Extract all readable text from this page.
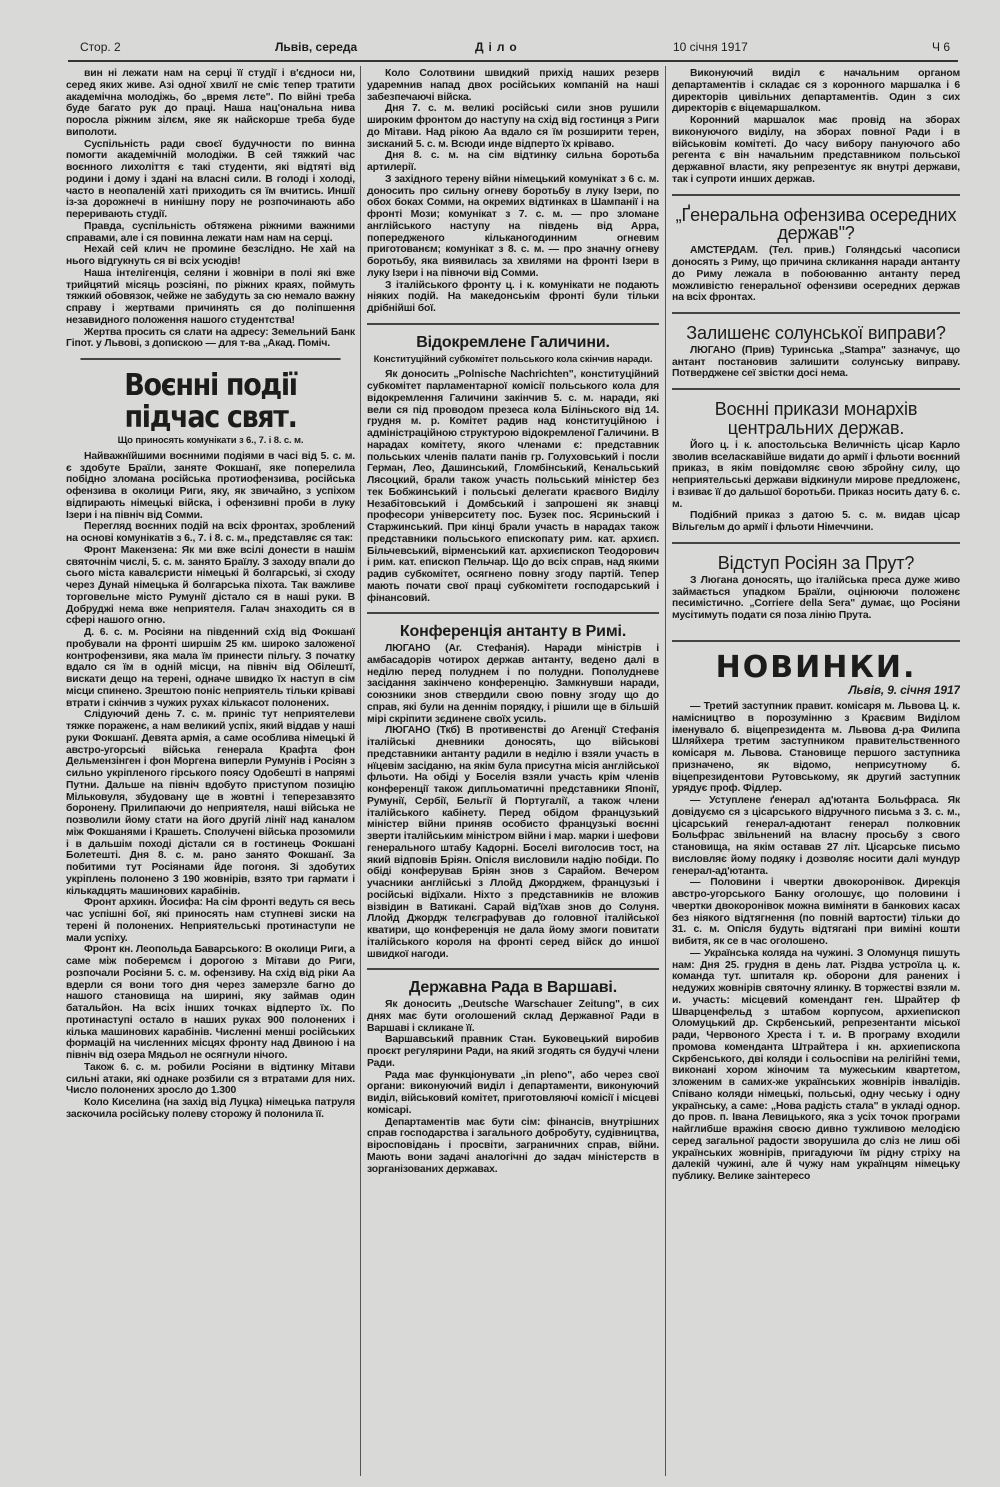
Стор. 2	Львів, середа	Діло	10 січня 1917	Ч 6

вин ні лежати нам на серці її студії і в'єдноси ни, серед яких живе. Азі одної хвилї не сміє тепер тратити академічна молодіжь, бо „время лєте". По війні треба буде багато рук до праці. Наша нац'ональна нива поросла ріжним зілєм, яке як найскорше треба буде виполоти.

Суспільність ради своєї будучности по винна помогти академічній молодіжи. В сей тяжкий час воєнного лихоліття є такі студенти, які відтяті від родини і дому і здані на власні сили. В голоді і холоді, часто в неопаленій хаті приходить ся їм вчитись. Иншії із-за дорожнечі в нинішну пору не розпочинають або переривають студії.

Правда, суспільність обтяжена ріжними важними справами, але і ся повинна лежати нам нам на серці.

Нехай сей клич не промине безслідно. Не хай на нього відгукнуть ся ві всіх усюдів!

Наша інтелігенція, селяни і жовніри в полі які вже трийцятий місяць розсіяні, по ріжних краях, поймуть тяжкий обовязок, чейже не забудуть за сю немало важну справу і жертвами причинять ся до поліпшення незавидного положення нашого студентства!

Жертва просить ся слати на адресу: Земельний Банк Гіпот. у Львові, з допискою — для т-ва „Акад. Поміч.

Воєнні події підчас свят.
Що приносять комунікати з 6., 7. і 8. с. м.

Найважнїйшими воєнними подіями в часі від 5. с. м. є здобуте Браїли, заняте Фокшанї, яке поперелила побідно зломана російська протиофензива, російська офензива в околици Риги, яку, як звичайно, з успіхом відпирають німецькі війска, і офензивні проби в луку Ізери і на північ від Сомми.

Перегляд воєнних подій на всіх фронтах, зроблений на основі комунікатів з 6., 7. і 8. с. м., представляє ся так:

Фронт Макензена: Як ми вже всілі донести в нашім святочнім числі, 5. с. м. занято Браїлу. З заходу впали до сього міста кавалєристи німецькі й болгарські, зі сходу через Дунай німецька й болгарська піхота. Так важливе торговельне місто Румунії дістало ся в наші руки. В Добруджі нема вже неприятеля. Галач знаходить ся в сфері нашого огню.

Д. 6. с. м. Росіяни на південний схід від Фокшанї пробували на фронті ширшім 25 км. широко заложеної контрофензиви, яка мала їм принести пільгу. З початку вдало ся їм в одній місци, на північ від Обілештї, вискати дещо на терені, одначе швидко їх наступ в сім місци спинено. Зрештою поніс неприятель тільки кріваві втрати і скінчив з чужих рухах кількасот полонених.

Слідуючий день 7. с. м. приніс тут неприятелеви тяжке пораженє, а нам великий успіх, який віддав у наші руки Фокшанї. Девята армія, а саме особлива німецькі й австро-угорські війська генерала Крафта фон Дельмензінген і фон Моргена виперли Румунів і Росіян з сильно укріпленого гірського поясу Одобешті в напрямі Путни. Дальше на північ вдобуто приступом позицію Мільковуля, збудовану ще в жовтні і теперезавзято боронену. Прилипаючи до неприятеля, наші війська не позволили йому стати на його другій лінії над каналом між Фокшанями і Крашеть. Сполучені війська прозомили і в дальшім поході дістали ся в гостинець Фокшані Болетешті. Дня 8. с. м. рано занято Фокшанї. За побитими тут Росіянами йде погоня. Зі здобутих укріплень полонено 3 190 жовнірів, взято три гармати і кількадцять машинових карабінів.

Фронт архикн. Йосифа: На сім фронті ведуть ся весь час успішні бої, які приносять нам ступневі зиски на терені й полонених. Неприятельські протинаступи не мали успіху.

Фронт кн. Леопольда Баварського: В околици Риги, а саме між поберемєм і дорогою з Мітави до Риги, розпочали Росіяни 5. с. м. офензиву. На схід від ріки Аа вдерли ся вони того дня через замерзле багно до нашого становища на ширині, яку займав один батальйон. На всіх інших точках відперто їх. По протинаступі остало в наших руках 900 полонених і кілька машинових карабінів. Численні менші російських формацій на численних місцях фронту над Двиною і на північ від озера Мядьол не осягнули нічого.

Також 6. с. м. робили Росіяни в відтинку Мітави сильні атаки, які однаке розбили ся з втратами для них. Число полонених зросло до 1.300

Коло Киселина (на захід від Луцка) німецька патруля заскочила російську полеву сторожу й полонила її.

Коло Солотвини швидкий прихід наших резерв ударемнив напад двох російських компаній на наші забезпечаючі війска.

Дня 7. с. м. великі російські сили знов рушили широким фронтом до наступу на схід від гостинця з Риги до Мітави. Над рікою Аа вдало ся їм розширити терен, зисканий 5. с. м. Всюди инде відперто їх кріваво.

Дня 8. с. м. на сім відтинку сильна боротьба артилерії.

З західного терену війни німецький комунікат з 6 с. м. доносить про сильну огневу боротьбу в луку Ізери, по обох боках Сомми, на окремих відтинках в Шампанії і на фронті Мози; комунікат з 7. с. м. — про зломане англійського наступу на південь від Арра, попередженого кільканогодинним огневим приготованєм; комунікат з 8. с. м. — про значну огневу боротьбу, яка виявилась за хвилями на фронті Ізери в луку Ізери і на півночи від Сомми.

З італійського фронту ц. і к. комунікати не подають ніяких подій. На македонськім фронті були тільки дрібнійші бої.

Відокремлене Галичини.
Конституційний субкомітет польського кола скінчив наради.

Як доносить „Polnische Nachrichten", конституційний субкомітет парламентарної комісії польського кола для відокремлення Галичини закінчив 5. с. м. наради, які вели ся під проводом презеса кола Біліньского від 14. грудня м. р. Комітет радив над конституційною і адміністраційною структурою відокремленої Галичини. В нарадах комітету, якого членами є: представник польських членів палати панів гр. Голуховський і посли Герман, Лео, Дашинський, Гломбінський, Кенальський Лясоцкий, брали також участь польський міністер без тек Бобжинський і польські делегати краєвого Виділу Незабітовський і Домбський і запрошені як знавці професори університету пос. Бузек пос. Ясриньский і Старжинський. При кінці брали участь в нарадах також представники польського епископату рим. кат. архиєп. Більчевський, вірменський кат. архиєпископ Теодорович і рим. кат. епископ Пельчар. Що до всіх справ, над якими радив субкомітет, осягнено повну згоду партій. Тепер мають почати свої праці субкомітети господарський і фінансовий.

Конференція антанту в Римі.

ЛЮГАНО (Аг. Стефанія). Наради міністрів і амбасадорів чотирох держав антанту, ведено далі в неділю перед полуднем і по полудни. Пополудневе засідання закінчено конференцію. Замкнувши наради, союзники знов ствердили свою повну згоду що до справ, які були на деннім порядку, і рішили ще в більшій мірі скріпити зєдинене своїх усиль.

ЛЮГАНО (Ткб) В противенстві до Агенції Стефанія італійські дневники доносять, що військові представники антанту радили в неділю і взяли участь в нїцевім засіданю, на якім була присутна місія англійської фльоти. На обіді у Боселія взяли участь крім членів конференції також дипльоматичні представники Японії, Румунії, Сербії, Бельгії й Португалії, а також члени італійського кабінету. Перед обідом французький міністер війни приняв особисто французькі воєнні зверти італійським міністром війни і мар. марки і шефови генерального штабу Кадорні. Боселі виголосив тост, на який відповів Бріян. Опісля висловили надію побіди. По обіді конферував Бріян знов з Сарайом. Вечером учасники англійські з Ллойд Джорджем, французькі і російські відїхали. Ніхто з представників не вложив візвідин в Ватикані. Сарай від'їхав знов до Солуня. Ллойд Джордж телєграфував до головної італійської кватири, що конференція не дала йому змоги повитати італійського короля на фронті серед війск до иншої швидкої нагоди.

Державна Рада в Варшаві.

Як доносить „Deutsche Warschauer Zeitung", в сих днях має бути оголошений склад Державної Ради в Варшаві і скликане її.

Варшавський правник Стан. Буковецький виробив проєкт регулярини Ради, на який згодять ся будучі члени Ради.

Рада має функціонувати „in pleno", або через свої органи: виконуючий виділ і департаменти, виконуючий виділ, військовий комітет, приготовляючі комісії і місцеві комісарі.

Департаментів має бути сім: фінансів, внутрішних справ господарства і загального добробуту, судівництва, віросповідань і просвіти, заграничних справ, війни. Мають вони задачі аналогічні до задач міністерств в зорганізованих державах.

Виконуючий виділ є начальним органом департаментів і складає ся з коронного маршалка і 6 директорів цивільних департаментів. Один з сих директорів є віцемаршалком.

Коронний маршалок має провід на зборах виконуючого виділу, на зборах повної Ради і в військовім комітеті. До часу вибору пануючого або регента є він начальним представником польської державної власти, яку репрезентує як внутрі держави, так і супроти инших держав.

„Ґенеральна офензива осередних держав"?

АМСТЕРДАМ. (Тел. прив.) Голяндські часописи доносять з Риму, що причина скликання наради антанту до Риму лежала в побоюванню антанту перед можливістю генеральної офензиви осередних держав на всіх фронтах.

Залишенє солунської виправи?

ЛЮГАНО (Прив) Туринська „Stampa" зазначує, що антант постановив залишити солунську виправу. Потверджене сеї звістки досі нема.

Воєнні прикази монархів центральних держав.

Його ц. і к. апостольська Величність цісар Карло зволив вселаскавійше видати до армії і фльоти воєнний приказ, в якім повідомляє свою збройну силу, що неприятельські держави відкинули мирове предложенє, і взиває її до дальшої боротьби. Приказ носить дату 6. с. м.

Подібний приказ з датою 5. с. м. видав цісар Вільгельм до армії і фльоти Німеччини.

Відступ Росіян за Прут?

З Люгана доносять, що італійська преса дуже живо займається упадком Браїли, оцінюючи положенє песимістично. „Corriere della Sera" думає, що Росіяни мусітимуть подати ся поза лінію Прута.

НОВИНКИ.
Львів, 9. січня 1917

— Третий заступник правит. комісаря м. Львова Ц. к. намісництво в порозумінню з Краєвим Виділом іменувало б. віцепрезидента м. Львова д-ра Филипа Шляйхера третим заступником правительственного комісаря м. Львова. Становище першого заступника призначено, як відомо, неприсутному б. віцепрезидентови Рутовському, як другий заступник урядує проф. Фідлер.

— Уступлене ґенерал ад'ютанта Больфраса. Як довідуємо ся з цісарського відручного письма з 3. с. м., цісарський генерал-адютант генерал полковник Больфрас звільнений на власну просьбу з свого становища, на якім оставав 27 літ. Цісарське письмо висловляє йому подяку і дозволяє носити далі мундур генерал-ад'ютанта.

— Половини і чвертки двокоронівок. Дирекція австро-угорського Банку оголошує, що половини і чвертки двокоронівок можна виміняти в банкових касах без ніякого відтягнення (по повній вартости) тільки до 31. с. м. Опісля будуть відтягані при виміні кошти вибитя, як се в час оголошено.

— Українська коляда на чужині. З Оломунця пишуть нам: Дня 25. грудня в день лат. Різдва устроїла ц. к. команда тут. шпиталя кр. оборони для ранених і недужих жовнірів святочну ялинку. В торжестві взяли м. и. участь: місцевий комендант ген. Шрайтер ф Шварценфельд з штабом корпусом, архиепископ Оломуцький др. Скрбенський, репрезентанти міської ради, Червоного Хреста і т. и. В програму входили промова коменданта Штрайтера і кн. архиепископа Скрбенського, дві коляди і сольоспіви на релігійні теми, виконані хором жіночим та мужеським квартетом, зложеним в самих-же українських жовнірів інвалідів. Співано коляди німецькі, польські, одну чеську і одну українську, а саме: „Нова радість стала" в укладі однор. до пров. п. Івана Левицького, яка з усіх точок програми найглибше вражіня своєю дивно тужливою мелодією серед загальної радости зворушила до сліз не лиш обі українських жовнірів, пригадуючи їм рідну стріху на далекій чужині, але й чужу нам українцям німецьку публику. Велике заінтересо
